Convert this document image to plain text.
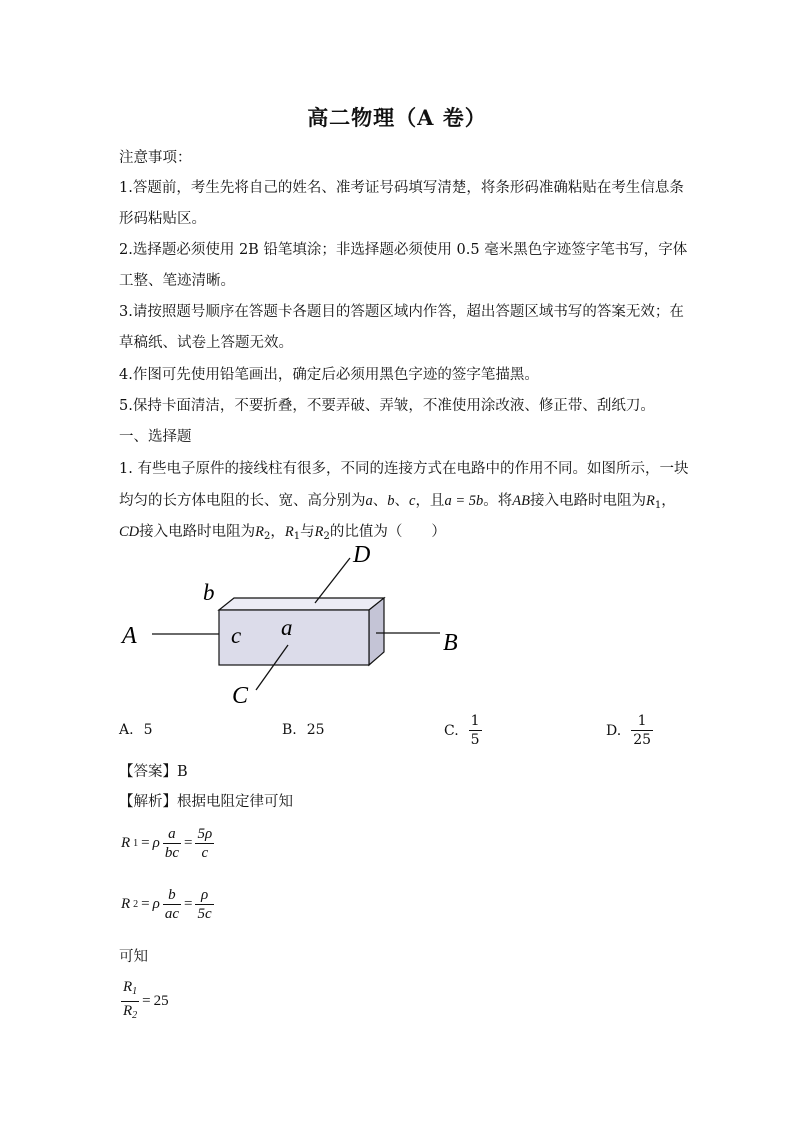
高二物理（A 卷）
注意事项：
1.答题前，考生先将自己的姓名、准考证号码填写清楚，将条形码准确粘贴在考生信息条
形码粘贴区。
2.选择题必须使用 2B 铅笔填涂；非选择题必须使用 0.5 毫米黑色字迹签字笔书写，字体
工整、笔迹清晰。
3.请按照题号顺序在答题卡各题目的答题区域内作答，超出答题区域书写的答案无效；在
草稿纸、试卷上答题无效。
4.作图可先使用铅笔画出，确定后必须用黑色字迹的签字笔描黑。
5.保持卡面清洁，不要折叠，不要弄破、弄皱，不准使用涂改液、修正带、刮纸刀。
一、选择题
1. 有些电子原件的接线柱有很多，不同的连接方式在电路中的作用不同。如图所示，一块
均匀的长方体电阻的长、宽、高分别为a、b、c，且a = 5b。将AB接入电路时电阻为$R_1$，
CD接入电路时电阻为$R_2$，$R_1$与$R_2$的比值为（　　）
A	B
C
D
b
c a
A. 5	B. 25	C. $\frac{1}{5}$	D. $\frac{1}{25}$
【答案】B
【解析】根据电阻定律可知
R 1 = ρ $\frac{a}{bc} = \frac{5\rho}{c}$
R 2 = ρ $\frac{b}{ac} = \frac{\rho}{5c}$
可知
$\frac{R_1}{R_2} = 25$
